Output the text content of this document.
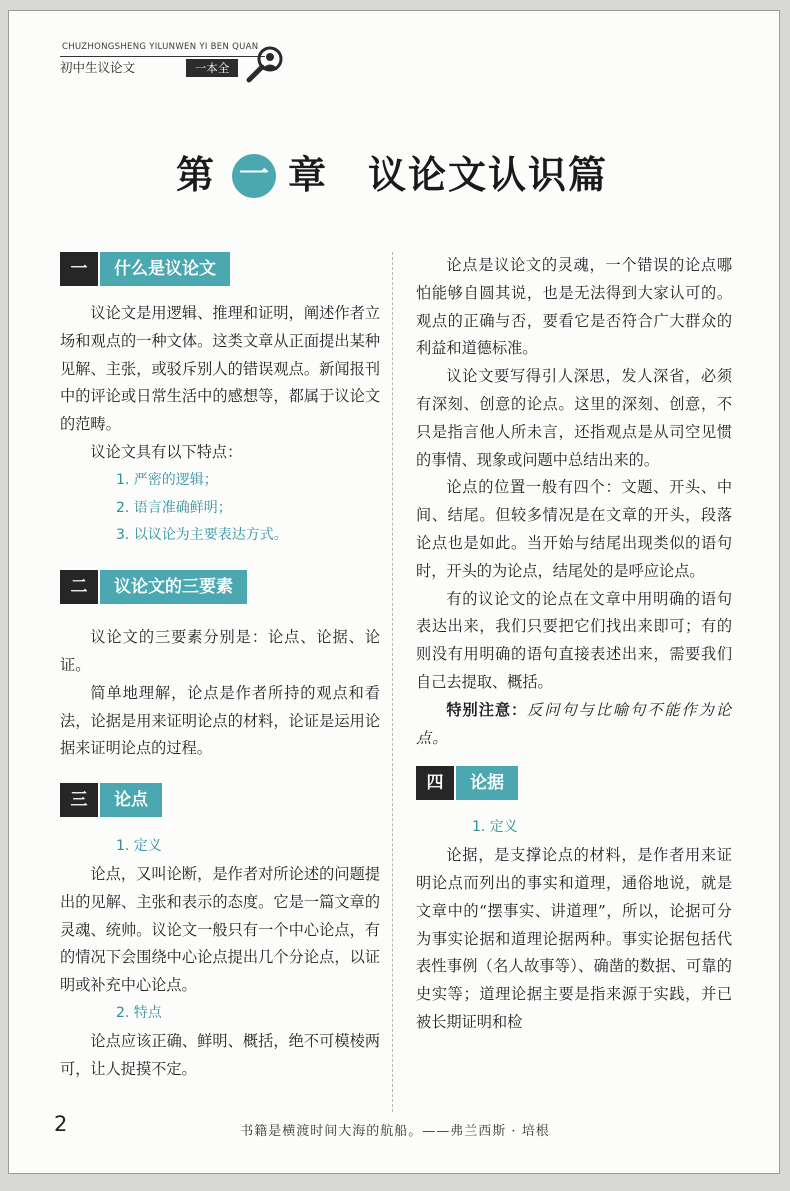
CHUZHONGSHENG YILUNWEN YI BEN QUAN
初中生议论文	一本全
第 一 章 议论文认识篇
一	什么是议论文

议论文是用逻辑、推理和证明，阐述作者立场和观点的一种文体。这类文章从正面提出某种见解、主张，或驳斥别人的错误观点。新闻报刊中的评论或日常生活中的感想等，都属于议论文的范畴。

议论文具有以下特点：

1. 严密的逻辑；

2. 语言准确鲜明；

3. 以议论为主要表达方式。

二	议论文的三要素

议论文的三要素分别是：论点、论据、论证。

简单地理解，论点是作者所持的观点和看法，论据是用来证明论点的材料，论证是运用论据来证明论点的过程。

三	论点

1. 定义

论点，又叫论断，是作者对所论述的问题提出的见解、主张和表示的态度。它是一篇文章的灵魂、统帅。议论文一般只有一个中心论点，有的情况下会围绕中心论点提出几个分论点，以证明或补充中心论点。

2. 特点

论点应该正确、鲜明、概括，绝不可模棱两可，让人捉摸不定。

论点是议论文的灵魂，一个错误的论点哪怕能够自圆其说，也是无法得到大家认可的。观点的正确与否，要看它是否符合广大群众的利益和道德标准。

议论文要写得引人深思，发人深省，必须有深刻、创意的论点。这里的深刻、创意，不只是指言他人所未言，还指观点是从司空见惯的事情、现象或问题中总结出来的。

论点的位置一般有四个：文题、开头、中间、结尾。但较多情况是在文章的开头，段落论点也是如此。当开始与结尾出现类似的语句时，开头的为论点，结尾处的是呼应论点。

有的议论文的论点在文章中用明确的语句表达出来，我们只要把它们找出来即可；有的则没有用明确的语句直接表述出来，需要我们自己去提取、概括。

特别注意：反问句与比喻句不能作为论点。

四	论据

1. 定义

论据，是支撑论点的材料，是作者用来证明论点而列出的事实和道理，通俗地说，就是文章中的“摆事实、讲道理”，所以，论据可分为事实论据和道理论据两种。事实论据包括代表性事例（名人故事等）、确凿的数据、可靠的史实等；道理论据主要是指来源于实践，并已被长期证明和检

2	书籍是横渡时间大海的航船。——弗兰西斯 · 培根
